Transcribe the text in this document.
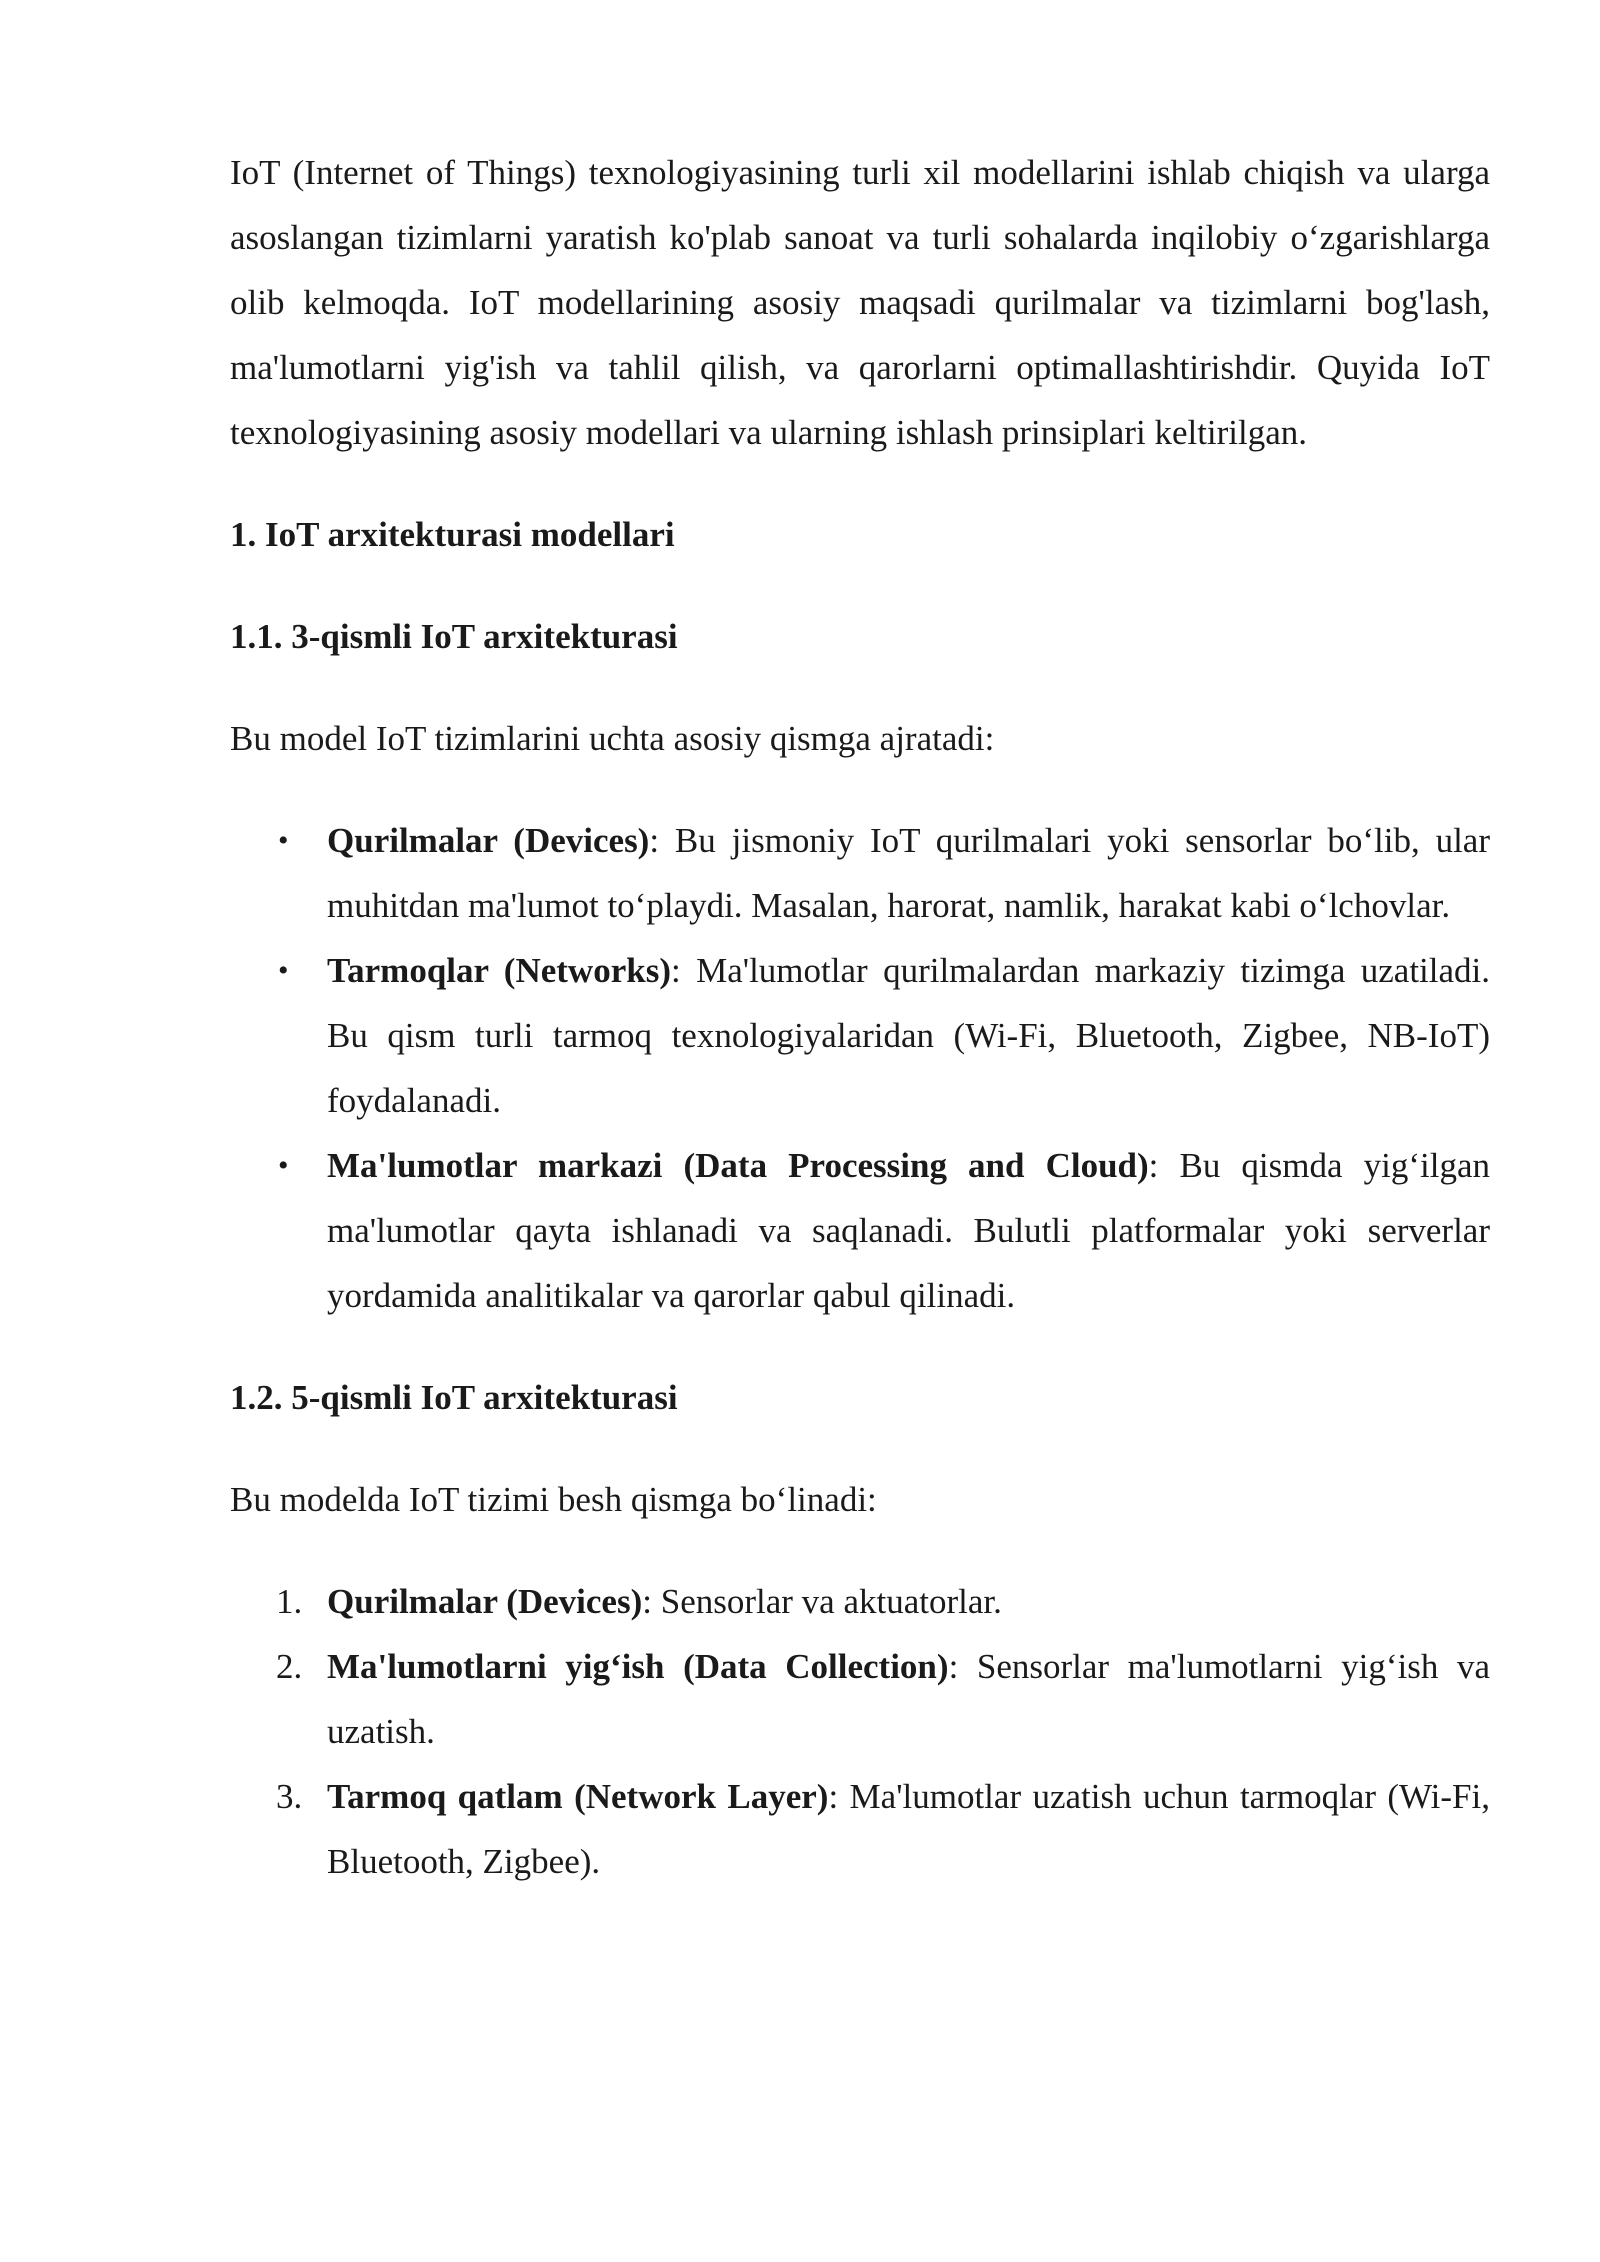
IoT (Internet of Things) texnologiyasining turli xil modellarini ishlab chiqish va ularga asoslangan tizimlarni yaratish ko'plab sanoat va turli sohalarda inqilobiy o‘zgarishlarga olib kelmoqda. IoT modellarining asosiy maqsadi qurilmalar va tizimlarni bog'lash, ma'lumotlarni yig'ish va tahlil qilish, va qarorlarni optimallashtirishdir. Quyida IoT texnologiyasining asosiy modellari va ularning ishlash prinsiplari keltirilgan.

1. IoT arxitekturasi modellari
1.1. 3-qismli IoT arxitekturasi

Bu model IoT tizimlarini uchta asosiy qismga ajratadi:

• Qurilmalar (Devices): Bu jismoniy IoT qurilmalari yoki sensorlar bo‘lib, ular muhitdan ma'lumot to‘playdi. Masalan, harorat, namlik, harakat kabi o‘lchovlar.
• Tarmoqlar (Networks): Ma'lumotlar qurilmalardan markaziy tizimga uzatiladi. Bu qism turli tarmoq texnologiyalaridan (Wi-Fi, Bluetooth, Zigbee, NB-IoT) foydalanadi.
• Ma'lumotlar markazi (Data Processing and Cloud): Bu qismda yig‘ilgan ma'lumotlar qayta ishlanadi va saqlanadi. Bulutli platformalar yoki serverlar yordamida analitikalar va qarorlar qabul qilinadi.
1.2. 5-qismli IoT arxitekturasi

Bu modelda IoT tizimi besh qismga bo‘linadi:

1. Qurilmalar (Devices): Sensorlar va aktuatorlar.
2. Ma'lumotlarni yig‘ish (Data Collection): Sensorlar ma'lumotlarni yig‘ish va uzatish.
3. Tarmoq qatlam (Network Layer): Ma'lumotlar uzatish uchun tarmoqlar (Wi-Fi, Bluetooth, Zigbee).
